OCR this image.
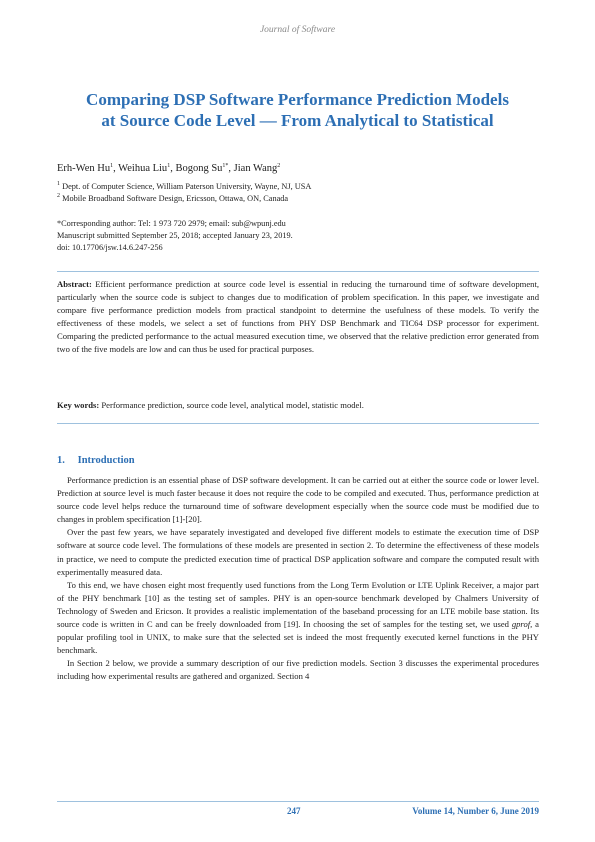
Journal of Software
Comparing DSP Software Performance Prediction Models
at Source Code Level — From Analytical to Statistical
Erh-Wen Hu$^1$, Weihua Liu$^1$, Bogong $Su^{1*}$, Jian Wang$^2$
$^1$ Dept. of Computer Science, William Paterson University, Wayne, NJ, USA
$^2$ Mobile Broadband Software Design, Ericsson, Ottawa, ON, Canada
*Corresponding author: Tel: 1 973 720 2979; email: sub@wpunj.edu
Manuscript submitted September 25, 2018; accepted January 23, 2019.
doi: 10.17706/jsw.14.6.247-256
Abstract: Efficient performance prediction at source code level is essential in reducing the turnaround time of software development, particularly when the source code is subject to changes due to modification of problem specification. In this paper, we investigate and compare five performance prediction models from practical standpoint to determine the usefulness of these models. To verify the effectiveness of these models, we select a set of functions from PHY DSP Benchmark and TIC64 DSP processor for experiment. Comparing the predicted performance to the actual measured execution time, we observed that the relative prediction error generated from two of the five models are low and can thus be used for practical purposes.
Key words: Performance prediction, source code level, analytical model, statistic model.
1. Introduction

Performance prediction is an essential phase of DSP software development. It can be carried out at either the source code or lower level. Prediction at source level is much faster because it does not require the code to be compiled and executed. Thus, performance prediction at source code level helps reduce the turnaround time of software development especially when the source code must be modified due to changes in problem specification [1]-[20].

Over the past few years, we have separately investigated and developed five different models to estimate the execution time of DSP software at source code level. The formulations of these models are presented in section 2. To determine the effectiveness of these models in practice, we need to compute the predicted execution time of practical DSP application software and compare the computed result with experimentally measured data.

To this end, we have chosen eight most frequently used functions from the Long Term Evolution or LTE Uplink Receiver, a major part of the PHY benchmark [10] as the testing set of samples. PHY is an open-source benchmark developed by Chalmers University of Technology of Sweden and Ericson. It provides a realistic implementation of the baseband processing for an LTE mobile base station. Its source code is written in C and can be freely downloaded from [19]. In choosing the set of samples for the testing set, we used gprof, a popular profiling tool in UNIX, to make sure that the selected set is indeed the most frequently executed kernel functions in the PHY benchmark.

In Section 2 below, we provide a summary description of our five prediction models. Section 3 discusses the experimental procedures including how experimental results are gathered and organized. Section 4

247	Volume 14, Number 6, June 2019
